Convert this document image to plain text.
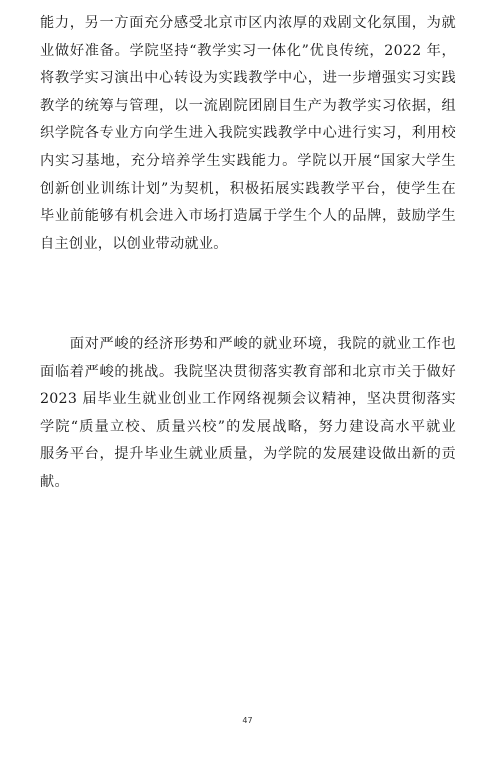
能力，另一方面充分感受北京市区内浓厚的戏剧文化氛围，为就
业做好准备。学院坚持“教学实习一体化”优良传统，2022 年，
将教学实习演出中心转设为实践教学中心，进一步增强实习实践
教学的统筹与管理，以一流剧院团剧目生产为教学实习依据，组
织学院各专业方向学生进入我院实践教学中心进行实习，利用校
内实习基地，充分培养学生实践能力。学院以开展“国家大学生
创新创业训练计划”为契机，积极拓展实践教学平台，使学生在
毕业前能够有机会进入市场打造属于学生个人的品牌，鼓励学生
自主创业，以创业带动就业。

　　面对严峻的经济形势和严峻的就业环境，我院的就业工作也
面临着严峻的挑战。我院坚决贯彻落实教育部和北京市关于做好
2023 届毕业生就业创业工作网络视频会议精神，坚决贯彻落实
学院“质量立校、质量兴校”的发展战略，努力建设高水平就业
服务平台，提升毕业生就业质量，为学院的发展建设做出新的贡
献。

47
